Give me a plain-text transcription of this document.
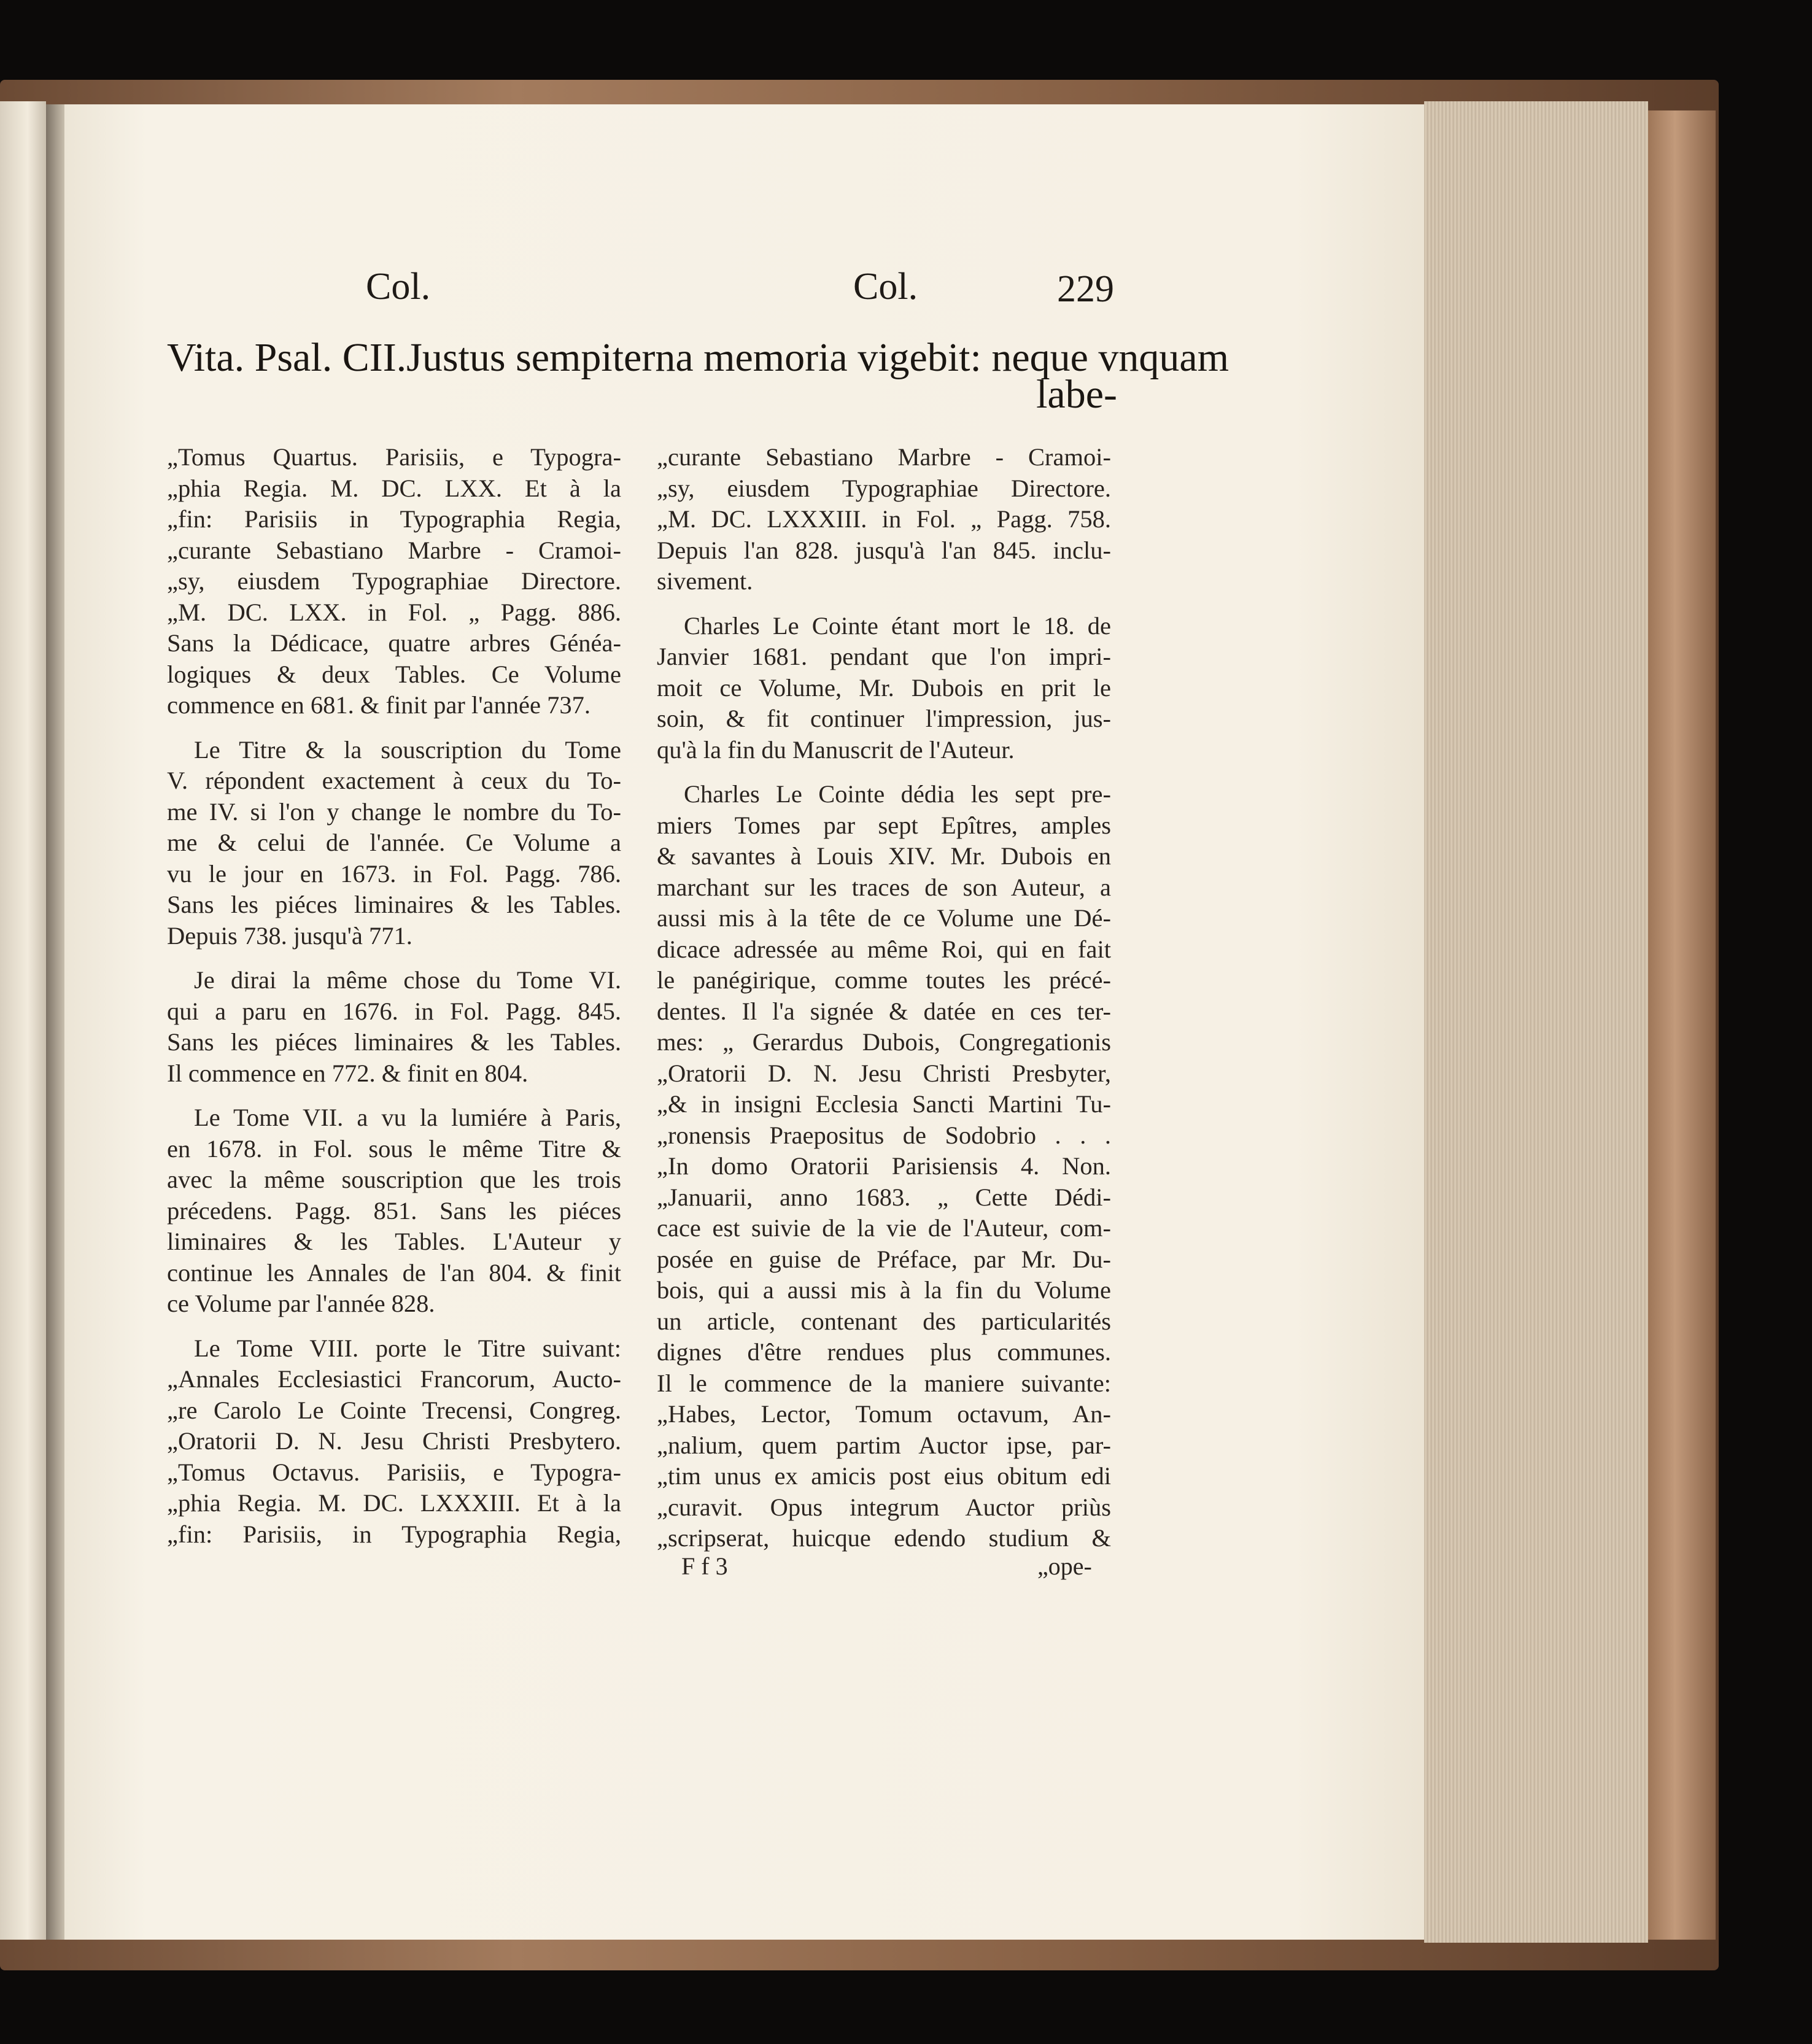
Col.	Col.	229
Vita. Psal. CII. Justus sempiterna memoria vigebit: neque vnquam
labe-

„Tomus Quartus. Parisiis, e Typogra-

„phia Regia. M. DC. LXX. Et à la

„fin: Parisiis in Typographia Regia,

„curante Sebastiano Marbre - Cramoi-

„sy, eiusdem Typographiae Directore.

„M. DC. LXX. in Fol. „ Pagg. 886.

Sans la Dédicace, quatre arbres Généa-

logiques & deux Tables. Ce Volume

commence en 681. & finit par l'année 737.

Le Titre & la souscription du Tome

V. répondent exactement à ceux du To-

me IV. si l'on y change le nombre du To-

me & celui de l'année. Ce Volume a

vu le jour en 1673. in Fol. Pagg. 786.

Sans les piéces liminaires & les Tables.

Depuis 738. jusqu'à 771.

Je dirai la même chose du Tome VI.

qui a paru en 1676. in Fol. Pagg. 845.

Sans les piéces liminaires & les Tables.

Il commence en 772. & finit en 804.

Le Tome VII. a vu la lumiére à Paris,

en 1678. in Fol. sous le même Titre &

avec la même souscription que les trois

précedens. Pagg. 851. Sans les piéces

liminaires & les Tables. L'Auteur y

continue les Annales de l'an 804. & finit

ce Volume par l'année 828.

Le Tome VIII. porte le Titre suivant:

„Annales Ecclesiastici Francorum, Aucto-

„re Carolo Le Cointe Trecensi, Congreg.

„Oratorii D. N. Jesu Christi Presbytero.

„Tomus Octavus. Parisiis, e Typogra-

„phia Regia. M. DC. LXXXIII. Et à la

„fin: Parisiis, in Typographia Regia,

„curante Sebastiano Marbre - Cramoi-

„sy, eiusdem Typographiae Directore.

„M. DC. LXXXIII. in Fol. „ Pagg. 758.

Depuis l'an 828. jusqu'à l'an 845. inclu-

sivement.

Charles Le Cointe étant mort le 18. de

Janvier 1681. pendant que l'on impri-

moit ce Volume, Mr. Dubois en prit le

soin, & fit continuer l'impression, jus-

qu'à la fin du Manuscrit de l'Auteur.

Charles Le Cointe dédia les sept pre-

miers Tomes par sept Epîtres, amples

& savantes à Louis XIV. Mr. Dubois en

marchant sur les traces de son Auteur, a

aussi mis à la tête de ce Volume une Dé-

dicace adressée au même Roi, qui en fait

le panégirique, comme toutes les précé-

dentes. Il l'a signée & datée en ces ter-

mes: „ Gerardus Dubois, Congregationis

„Oratorii D. N. Jesu Christi Presbyter,

„& in insigni Ecclesia Sancti Martini Tu-

„ronensis Praepositus de Sodobrio . . .

„In domo Oratorii Parisiensis 4. Non.

„Januarii, anno 1683. „ Cette Dédi-

cace est suivie de la vie de l'Auteur, com-

posée en guise de Préface, par Mr. Du-

bois, qui a aussi mis à la fin du Volume

un article, contenant des particularités

dignes d'être rendues plus communes.

Il le commence de la maniere suivante:

„Habes, Lector, Tomum octavum, An-

„nalium, quem partim Auctor ipse, par-

„tim unus ex amicis post eius obitum edi

„curavit. Opus integrum Auctor priùs

„scripserat, huicque edendo studium &

F f 3	„ope-
